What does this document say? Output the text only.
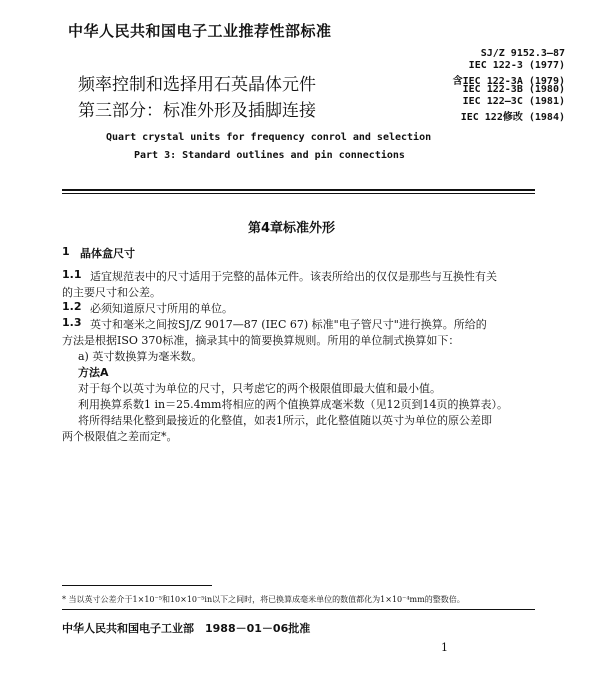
中华人民共和国电子工业推荐性部标准
频率控制和选择用石英晶体元件
第三部分：标准外形及插脚连接
SJ/Z 9152.3—87
IEC 122-3 (1977)
含IEC 122-3A (1979)
IEC 122-3B (1980)
IEC 122—3C (1981)
IEC 122修改 (1984)
Quart crystal units for frequency conrol and selection
Part 3: Standard outlines and pin connections
第4章标准外形
1 晶体盒尺寸
1.1 适宜规范表中的尺寸适用于完整的晶体元件。该表所给出的仅仅是那些与互换性有关
的主要尺寸和公差。
1.2 必须知道原尺寸所用的单位。
1.3 英寸和毫米之间按SJ/Z 9017—87 (IEC 67) 标准"电子管尺寸"进行换算。所给的
方法是根据ISO 370标准，摘录其中的简要换算规则。所用的单位制式换算如下：
a) 英寸数换算为毫米数。
方法A
对于每个以英寸为单位的尺寸，只考虑它的两个极限值即最大值和最小值。
利用换算系数1 in＝25.4mm将相应的两个值换算成毫米数（见12页到14页的换算表）。
将所得结果化整到最接近的化整值，如表1所示，此化整值随以英寸为单位的原公差即
两个极限值之差而定*。
* 当以英寸公差介于1×10⁻⁵和10×10⁻⁵in以下之间时，将已换算成毫米单位的数值都化为1×10⁻⁴mm的整数倍。
中华人民共和国电子工业部　1988－01－06批准
1
